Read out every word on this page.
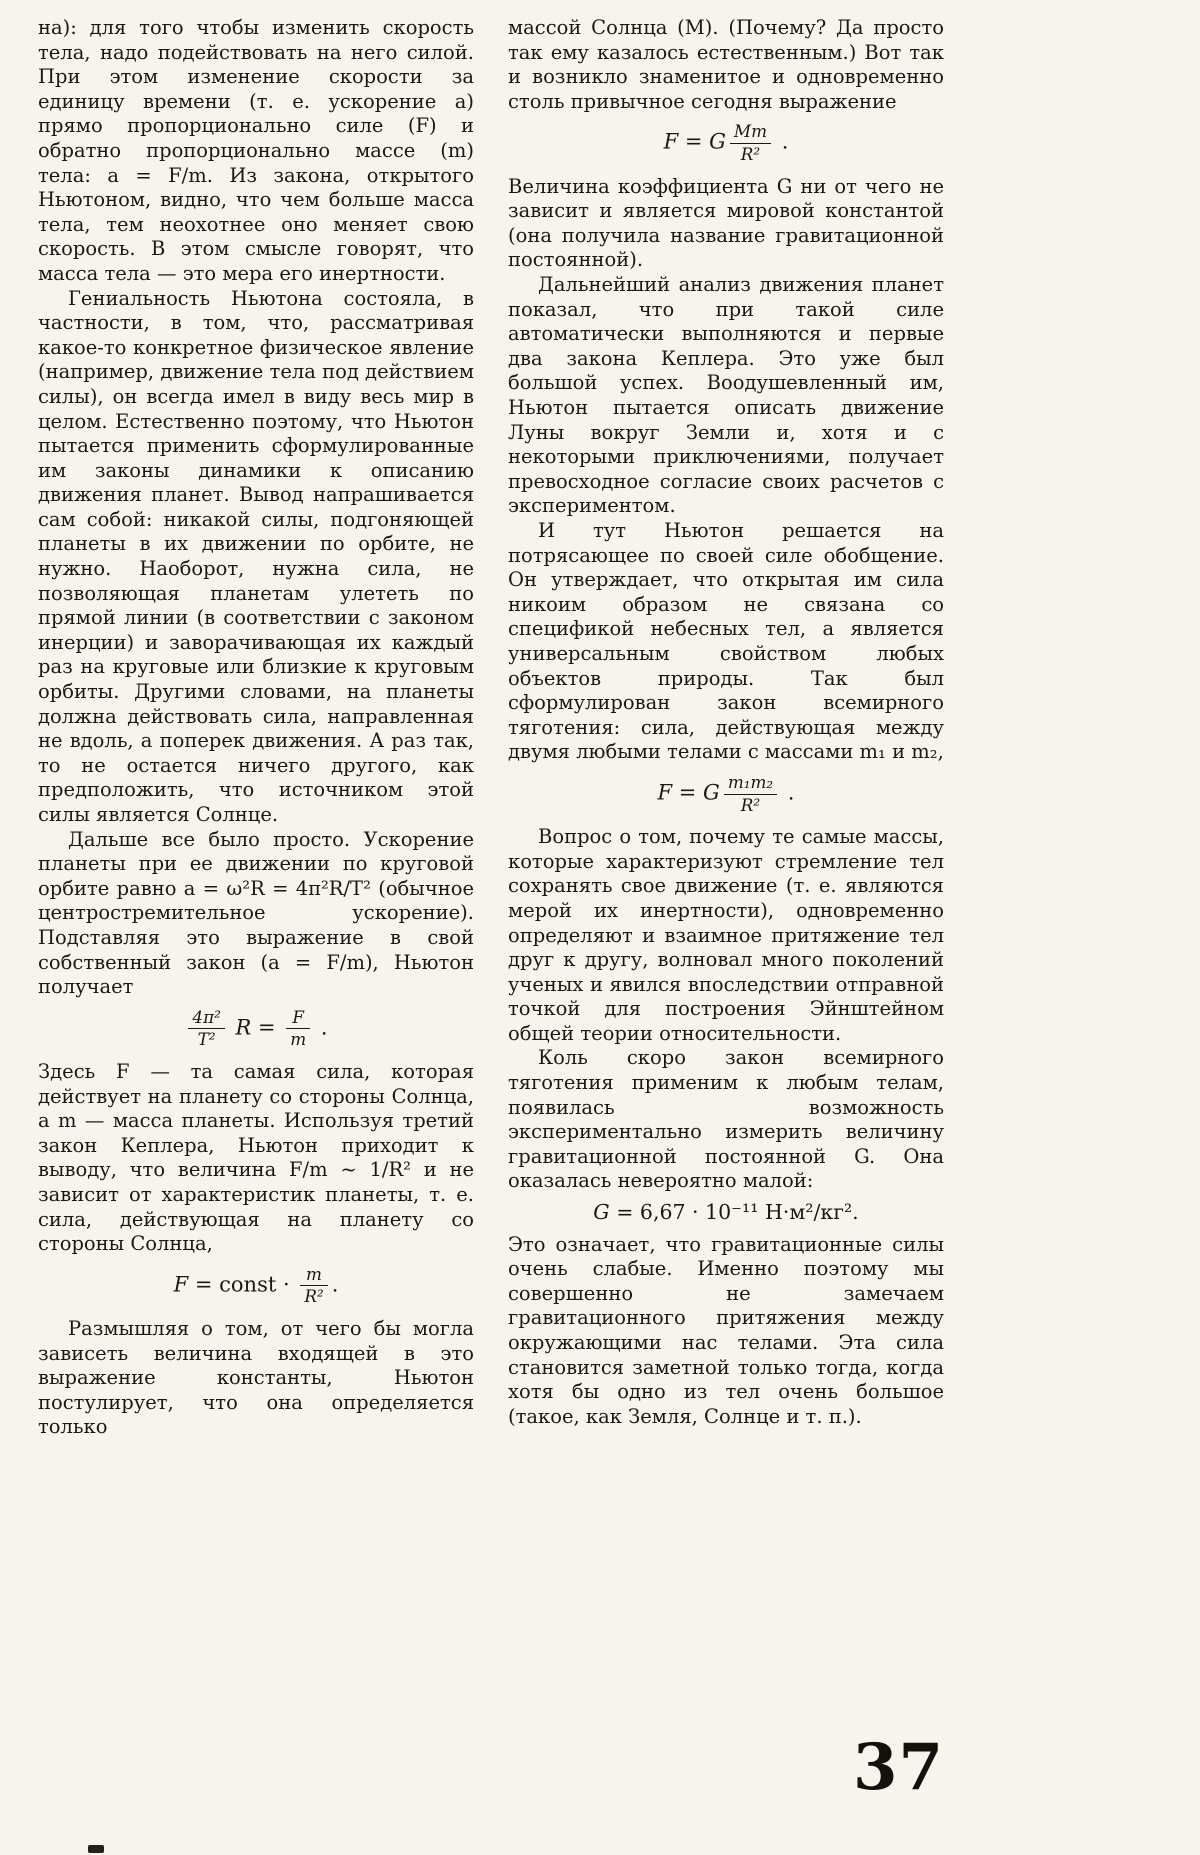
на): для того чтобы изменить скорость тела, надо подействовать на него силой. При этом изменение скорости за единицу времени (т. е. ускорение a) прямо пропорционально силе (F) и обратно пропорционально массе (m) тела: a = F/m. Из закона, открытого Ньютоном, видно, что чем больше масса тела, тем неохотнее оно меняет свою скорость. В этом смысле говорят, что масса тела — это мера его инертности.

Гениальность Ньютона состояла, в частности, в том, что, рассматривая какое-то конкретное физическое явление (например, движение тела под действием силы), он всегда имел в виду весь мир в целом. Естественно поэтому, что Ньютон пытается применить сформулированные им законы динамики к описанию движения планет. Вывод напрашивается сам собой: никакой силы, подгоняющей планеты в их движении по орбите, не нужно. Наоборот, нужна сила, не позволяющая планетам улететь по прямой линии (в соответствии с законом инерции) и заворачивающая их каждый раз на круговые или близкие к круговым орбиты. Другими словами, на планеты должна действовать сила, направленная не вдоль, а поперек движения. А раз так, то не остается ничего другого, как предположить, что источником этой силы является Солнце.

Дальше все было просто. Ускорение планеты при ее движении по круговой орбите равно a = ω²R = 4π²R/T² (обычное центростремительное ускорение). Подставляя это выражение в свой собственный закон (a = F/m), Ньютон получает

$\frac{\text{4π²}}{\text{T²}}$ $R = \frac{F}{m}$ .

Здесь F — та самая сила, которая действует на планету со стороны Солнца, а m — масса планеты. Используя третий закон Кеплера, Ньютон приходит к выводу, что величина F/m ~ 1/R² и не зависит от характеристик планеты, т. е. сила, действующая на планету со стороны Солнца,

F = const · $\frac{m}{\text{R²}}$ .

Размышляя о том, от чего бы могла зависеть величина входящей в это выражение константы, Ньютон постулирует, что она определяется только

массой Солнца (M). (Почему? Да просто так ему казалось естественным.) Вот так и возникло знаменитое и одновременно столь привычное сегодня выражение

F = G $\frac{Mm}{\text{R²}}$ .

Величина коэффициента G ни от чего не зависит и является мировой константой (она получила название гравитационной постоянной).

Дальнейший анализ движения планет показал, что при такой силе автоматически выполняются и первые два закона Кеплера. Это уже был большой успех. Воодушевленный им, Ньютон пытается описать движение Луны вокруг Земли и, хотя и с некоторыми приключениями, получает превосходное согласие своих расчетов с экспериментом.

И тут Ньютон решается на потрясающее по своей силе обобщение. Он утверждает, что открытая им сила никоим образом не связана со спецификой небесных тел, а является универсальным свойством любых объектов природы. Так был сформулирован закон всемирного тяготения: сила, действующая между двумя любыми телами с массами m₁ и m₂,

F = G $\frac{\text{m₁m₂}}{\text{R²}}$ .

Вопрос о том, почему те самые массы, которые характеризуют стремление тел сохранять свое движение (т. е. являются мерой их инертности), одновременно определяют и взаимное притяжение тел друг к другу, волновал много поколений ученых и явился впоследствии отправной точкой для построения Эйнштейном общей теории относительности.

Коль скоро закон всемирного тяготения применим к любым телам, появилась возможность экспериментально измерить величину гравитационной постоянной G. Она оказалась невероятно малой:

G = 6,67 · 10⁻¹¹ Н·м²/кг².

Это означает, что гравитационные силы очень слабые. Именно поэтому мы совершенно не замечаем гравитационного притяжения между окружающими нас телами. Эта сила становится заметной только тогда, когда хотя бы одно из тел очень большое (такое, как Земля, Солнце и т. п.).

37
